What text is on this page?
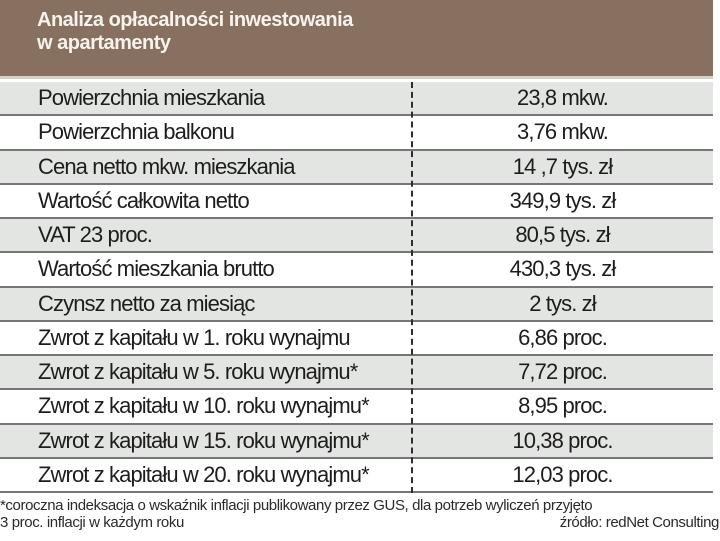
Analiza opłacalności inwestowania
w apartamenty
Powierzchnia mieszkania	23,8 mkw.
Powierzchnia balkonu	3,76 mkw.
Cena netto mkw. mieszkania	14 ,7 tys. zł
Wartość całkowita netto	349,9 tys. zł
VAT 23 proc.	80,5 tys. zł
Wartość mieszkania brutto	430,3 tys. zł
Czynsz netto za miesiąc	2 tys. zł
Zwrot z kapitału w 1. roku wynajmu	6,86 proc.
Zwrot z kapitału w 5. roku wynajmu*	7,72 proc.
Zwrot z kapitału w 10. roku wynajmu*	8,95 proc.
Zwrot z kapitału w 15. roku wynajmu*	10,38 proc.
Zwrot z kapitału w 20. roku wynajmu*	12,03 proc.
*coroczna indeksacja o wskaźnik inflacji publikowany przez GUS, dla potrzeb wyliczeń przyjęto
3 proc. inflacji w każdym roku	źródło: redNet Consulting
